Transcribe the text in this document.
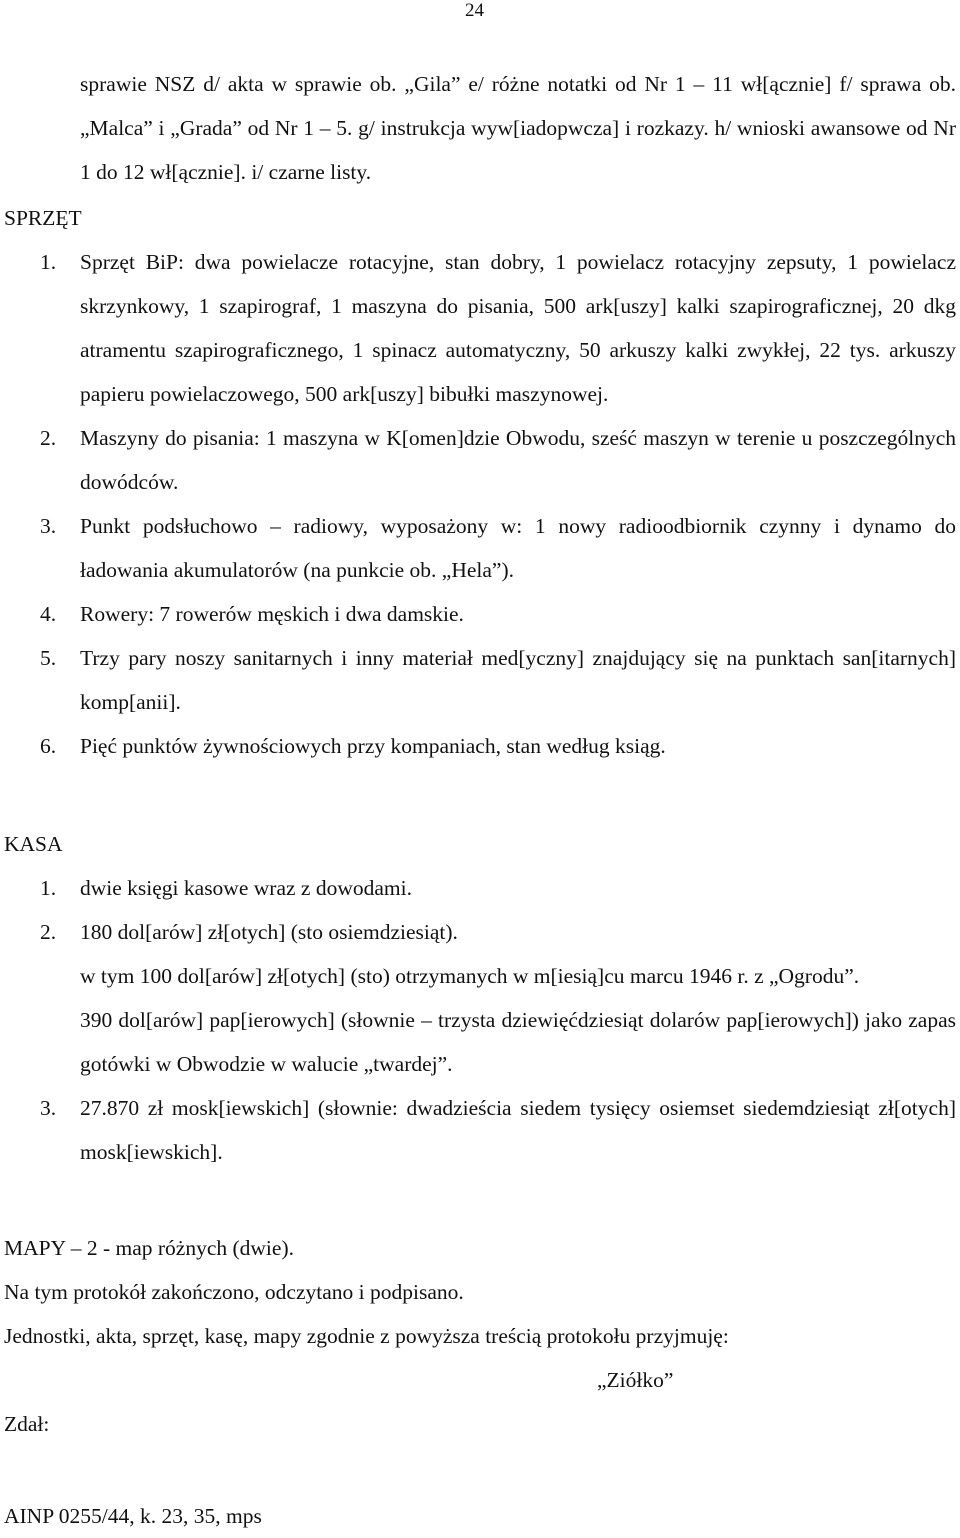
24
sprawie NSZ d/ akta w sprawie ob. „Gila” e/ różne notatki od Nr 1 – 11 wł[ącznie] f/ sprawa ob. „Malca” i „Grada” od Nr 1 – 5. g/ instrukcja wyw[iadopwcza] i rozkazy. h/ wnioski awansowe od Nr 1 do 12 wł[ącznie]. i/ czarne listy.
SPRZĘT
1. Sprzęt BiP: dwa powielacze rotacyjne, stan dobry, 1 powielacz rotacyjny zepsuty, 1 powielacz skrzynkowy, 1 szapirograf, 1 maszyna do pisania, 500 ark[uszy] kalki szapirograficznej, 20 dkg atramentu szapirograficznego, 1 spinacz automatyczny, 50 arkuszy kalki zwykłej, 22 tys. arkuszy papieru powielaczowego, 500 ark[uszy] bibułki maszynowej.
2. Maszyny do pisania: 1 maszyna w K[omen]dzie Obwodu, sześć maszyn w terenie u poszczególnych dowódców.
3. Punkt podsłuchowo – radiowy, wyposażony w: 1 nowy radioodbiornik czynny i dynamo do ładowania akumulatorów (na punkcie ob. „Hela”).
4. Rowery: 7 rowerów męskich i dwa damskie.
5. Trzy pary noszy sanitarnych i inny materiał med[yczny] znajdujący się na punktach san[itarnych] komp[anii].
6. Pięć punktów żywnościowych przy kompaniach, stan według ksiąg.
KASA
1. dwie księgi kasowe wraz z dowodami.
2. 180 dol[arów] zł[otych] (sto osiemdziesiąt).
w tym 100 dol[arów] zł[otych] (sto) otrzymanych w m[iesią]cu marcu 1946 r. z „Ogrodu”.
390 dol[arów] pap[ierowych] (słownie – trzysta dziewięćdziesiąt dolarów pap[ierowych]) jako zapas gotówki w Obwodzie w walucie „twardej”.
3. 27.870 zł mosk[iewskich] (słownie: dwadzieścia siedem tysięcy osiemset siedemdziesiąt zł[otych] mosk[iewskich].
MAPY – 2 - map różnych (dwie).
Na tym protokół zakończono, odczytano i podpisano.
Jednostki, akta, sprzęt, kasę, mapy zgodnie z powyższa treścią protokołu przyjmuję:
„Ziółko”
Zdał:
AINP 0255/44, k. 23, 35, mps
